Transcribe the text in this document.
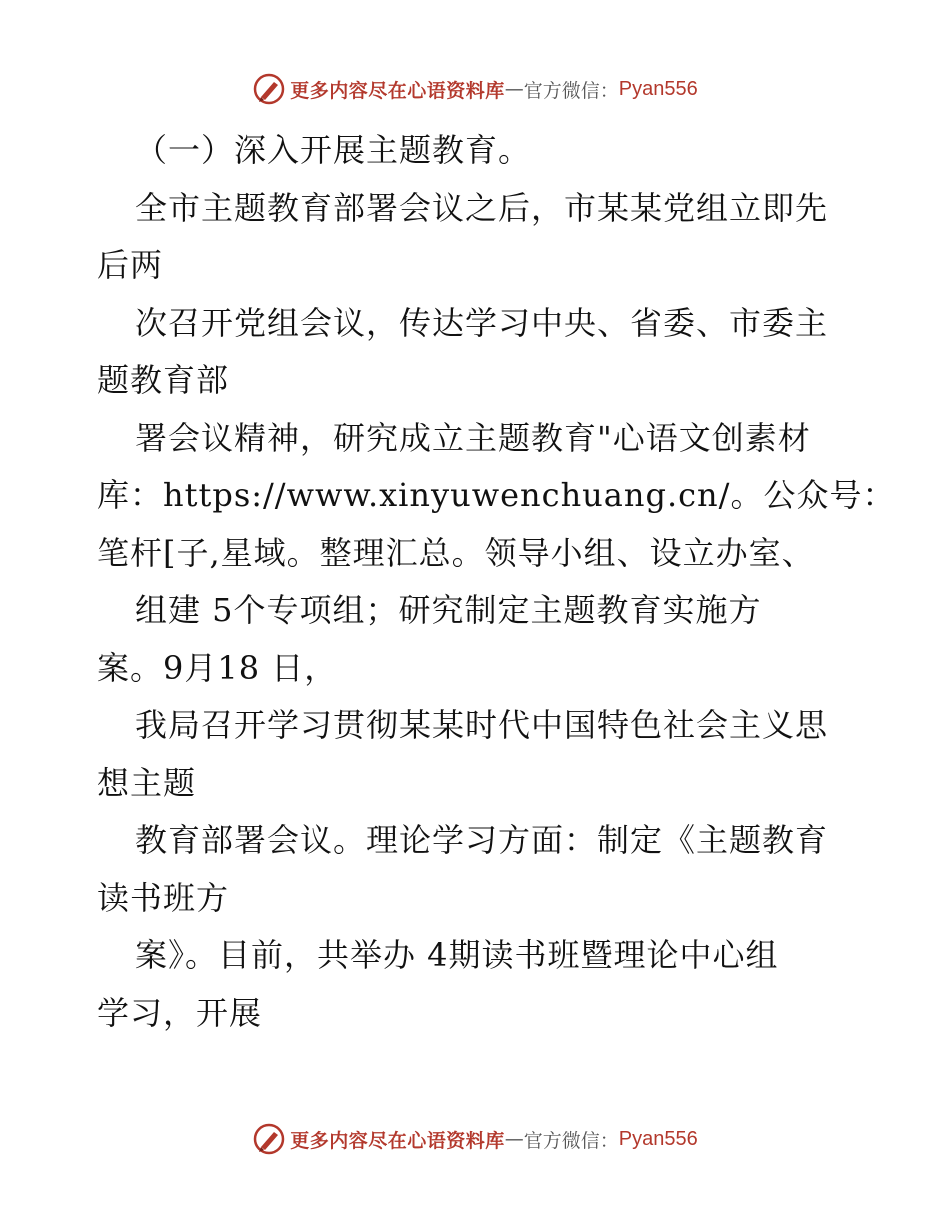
更多内容尽在心语资料库 — 官方微信： Pyan556

（一）深入开展主题教育。

全市主题教育部署会议之后，市某某党组立即先

后两

次召开党组会议，传达学习中央、省委、市委主

题教育部

署会议精神，研究成立主题教育"心语文创素材

库：https://www.xinyuwenchuang.cn/。公众号：

笔杆[子,星域。整理汇总。领导小组、设立办室、

组建 5个专项组；研究制定主题教育实施方

案。9月18 日，

我局召开学习贯彻某某时代中国特色社会主义思

想主题

教育部署会议。理论学习方面：制定《主题教育

读书班方

案》。目前，共举办 4期读书班暨理论中心组

学习，开展

更多内容尽在心语资料库 — 官方微信： Pyan556
